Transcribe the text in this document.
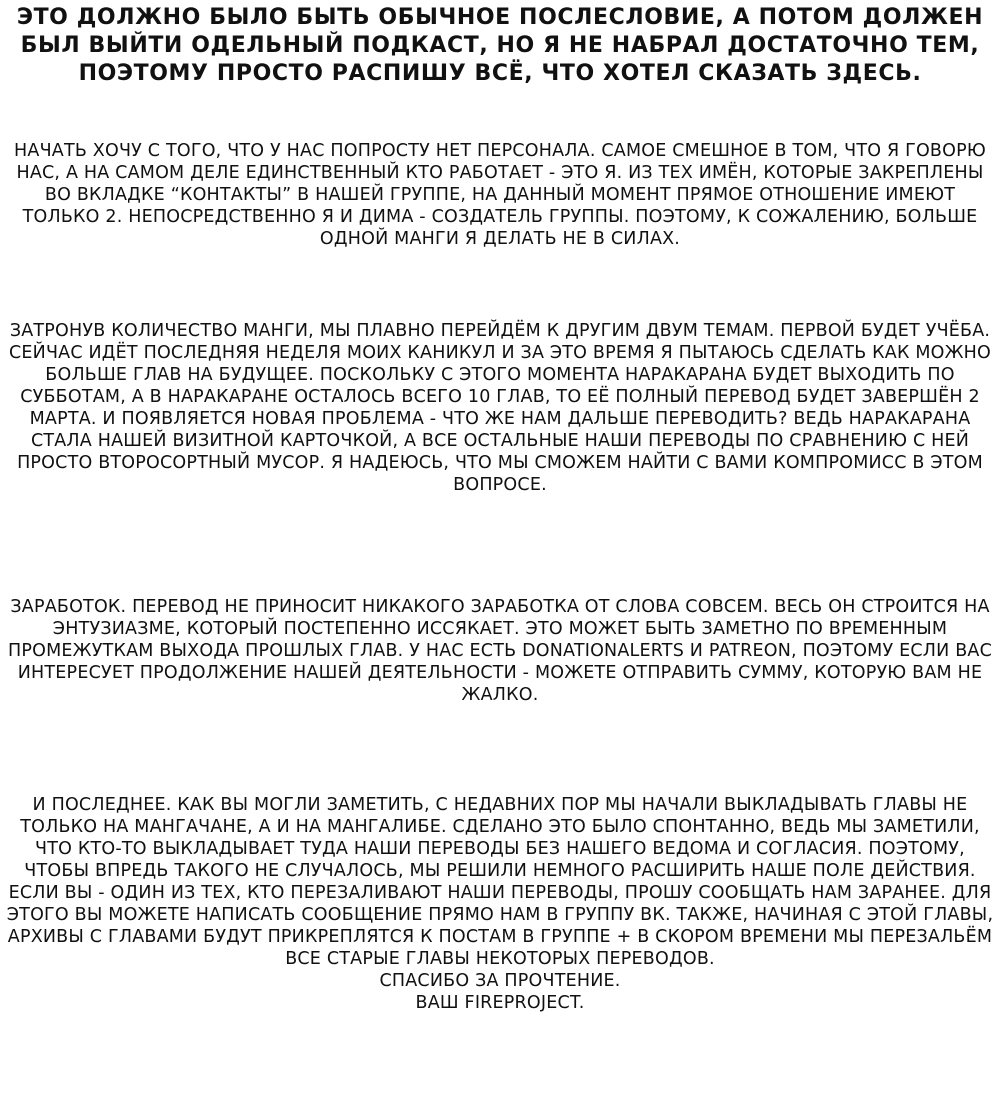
ЭТО ДОЛЖНО БЫЛО БЫТЬ ОБЫЧНОЕ ПОСЛЕСЛОВИЕ, А ПОТОМ ДОЛЖЕН БЫЛ ВЫЙТИ ОДЕЛЬНЫЙ ПОДКАСТ, НО Я НЕ НАБРАЛ ДОСТАТОЧНО ТЕМ, ПОЭТОМУ ПРОСТО РАСПИШУ ВСЁ, ЧТО ХОТЕЛ СКАЗАТЬ ЗДЕСЬ.

НАЧАТЬ ХОЧУ С ТОГО, ЧТО У НАС ПОПРОСТУ НЕТ ПЕРСОНАЛА. САМОЕ СМЕШНОЕ В ТОМ, ЧТО Я ГОВОРЮ НАС, А НА САМОМ ДЕЛЕ ЕДИНСТВЕННЫЙ КТО РАБОТАЕТ - ЭТО Я. ИЗ ТЕХ ИМЁН, КОТОРЫЕ ЗАКРЕПЛЕНЫ ВО ВКЛАДКЕ “КОНТАКТЫ” В НАШЕЙ ГРУППЕ, НА ДАННЫЙ МОМЕНТ ПРЯМОЕ ОТНОШЕНИЕ ИМЕЮТ ТОЛЬКО 2. НЕПОСРЕДСТВЕННО Я И ДИМА - СОЗДАТЕЛЬ ГРУППЫ. ПОЭТОМУ, К СОЖАЛЕНИЮ, БОЛЬШЕ ОДНОЙ МАНГИ Я ДЕЛАТЬ НЕ В СИЛАХ.

ЗАТРОНУВ КОЛИЧЕСТВО МАНГИ, МЫ ПЛАВНО ПЕРЕЙДЁМ К ДРУГИМ ДВУМ ТЕМАМ. ПЕРВОЙ БУДЕТ УЧЁБА. СЕЙЧАС ИДЁТ ПОСЛЕДНЯЯ НЕДЕЛЯ МОИХ КАНИКУЛ И ЗА ЭТО ВРЕМЯ Я ПЫТАЮСЬ СДЕЛАТЬ КАК МОЖНО БОЛЬШЕ ГЛАВ НА БУДУЩЕЕ. ПОСКОЛЬКУ С ЭТОГО МОМЕНТА НАРАКАРАНА БУДЕТ ВЫХОДИТЬ ПО СУББОТАМ, А В НАРАКАРАНЕ ОСТАЛОСЬ ВСЕГО 10 ГЛАВ, ТО ЕЁ ПОЛНЫЙ ПЕРЕВОД БУДЕТ ЗАВЕРШЁН 2 МАРТА. И ПОЯВЛЯЕТСЯ НОВАЯ ПРОБЛЕМА - ЧТО ЖЕ НАМ ДАЛЬШЕ ПЕРЕВОДИТЬ? ВЕДЬ НАРАКАРАНА СТАЛА НАШЕЙ ВИЗИТНОЙ КАРТОЧКОЙ, А ВСЕ ОСТАЛЬНЫЕ НАШИ ПЕРЕВОДЫ ПО СРАВНЕНИЮ С НЕЙ ПРОСТО ВТОРОСОРТНЫЙ МУСОР. Я НАДЕЮСЬ, ЧТО МЫ СМОЖЕМ НАЙТИ С ВАМИ КОМПРОМИСС В ЭТОМ ВОПРОСЕ.

ЗАРАБОТОК. ПЕРЕВОД НЕ ПРИНОСИТ НИКАКОГО ЗАРАБОТКА ОТ СЛОВА СОВСЕМ. ВЕСЬ ОН СТРОИТСЯ НА ЭНТУЗИАЗМЕ, КОТОРЫЙ ПОСТЕПЕННО ИССЯКАЕТ. ЭТО МОЖЕТ БЫТЬ ЗАМЕТНО ПО ВРЕМЕННЫМ ПРОМЕЖУТКАМ ВЫХОДА ПРОШЛЫХ ГЛАВ. У НАС ЕСТЬ DONATIONALERTS И PATREON, ПОЭТОМУ ЕСЛИ ВАС ИНТЕРЕСУЕТ ПРОДОЛЖЕНИЕ НАШЕЙ ДЕЯТЕЛЬНОСТИ - МОЖЕТЕ ОТПРАВИТЬ СУММУ, КОТОРУЮ ВАМ НЕ ЖАЛКО.

И ПОСЛЕДНЕЕ. КАК ВЫ МОГЛИ ЗАМЕТИТЬ, С НЕДАВНИХ ПОР МЫ НАЧАЛИ ВЫКЛАДЫВАТЬ ГЛАВЫ НЕ ТОЛЬКО НА МАНГАЧАНЕ, А И НА МАНГАЛИБЕ. СДЕЛАНО ЭТО БЫЛО СПОНТАННО, ВЕДЬ МЫ ЗАМЕТИЛИ, ЧТО КТО-ТО ВЫКЛАДЫВАЕТ ТУДА НАШИ ПЕРЕВОДЫ БЕЗ НАШЕГО ВЕДОМА И СОГЛАСИЯ. ПОЭТОМУ, ЧТОБЫ ВПРЕДЬ ТАКОГО НЕ СЛУЧАЛОСЬ, МЫ РЕШИЛИ НЕМНОГО РАСШИРИТЬ НАШЕ ПОЛЕ ДЕЙСТВИЯ. ЕСЛИ ВЫ - ОДИН ИЗ ТЕХ, КТО ПЕРЕЗАЛИВАЮТ НАШИ ПЕРЕВОДЫ, ПРОШУ СООБЩАТЬ НАМ ЗАРАНЕЕ. ДЛЯ ЭТОГО ВЫ МОЖЕТЕ НАПИСАТЬ СООБЩЕНИЕ ПРЯМО НАМ В ГРУППУ ВК. ТАКЖЕ, НАЧИНАЯ С ЭТОЙ ГЛАВЫ, АРХИВЫ С ГЛАВАМИ БУДУТ ПРИКРЕПЛЯТСЯ К ПОСТАМ В ГРУППЕ + В СКОРОМ ВРЕМЕНИ МЫ ПЕРЕЗАЛЬЁМ ВСЕ СТАРЫЕ ГЛАВЫ НЕКОТОРЫХ ПЕРЕВОДОВ.
СПАСИБО ЗА ПРОЧТЕНИЕ.
ВАШ FIREPROJECT.
